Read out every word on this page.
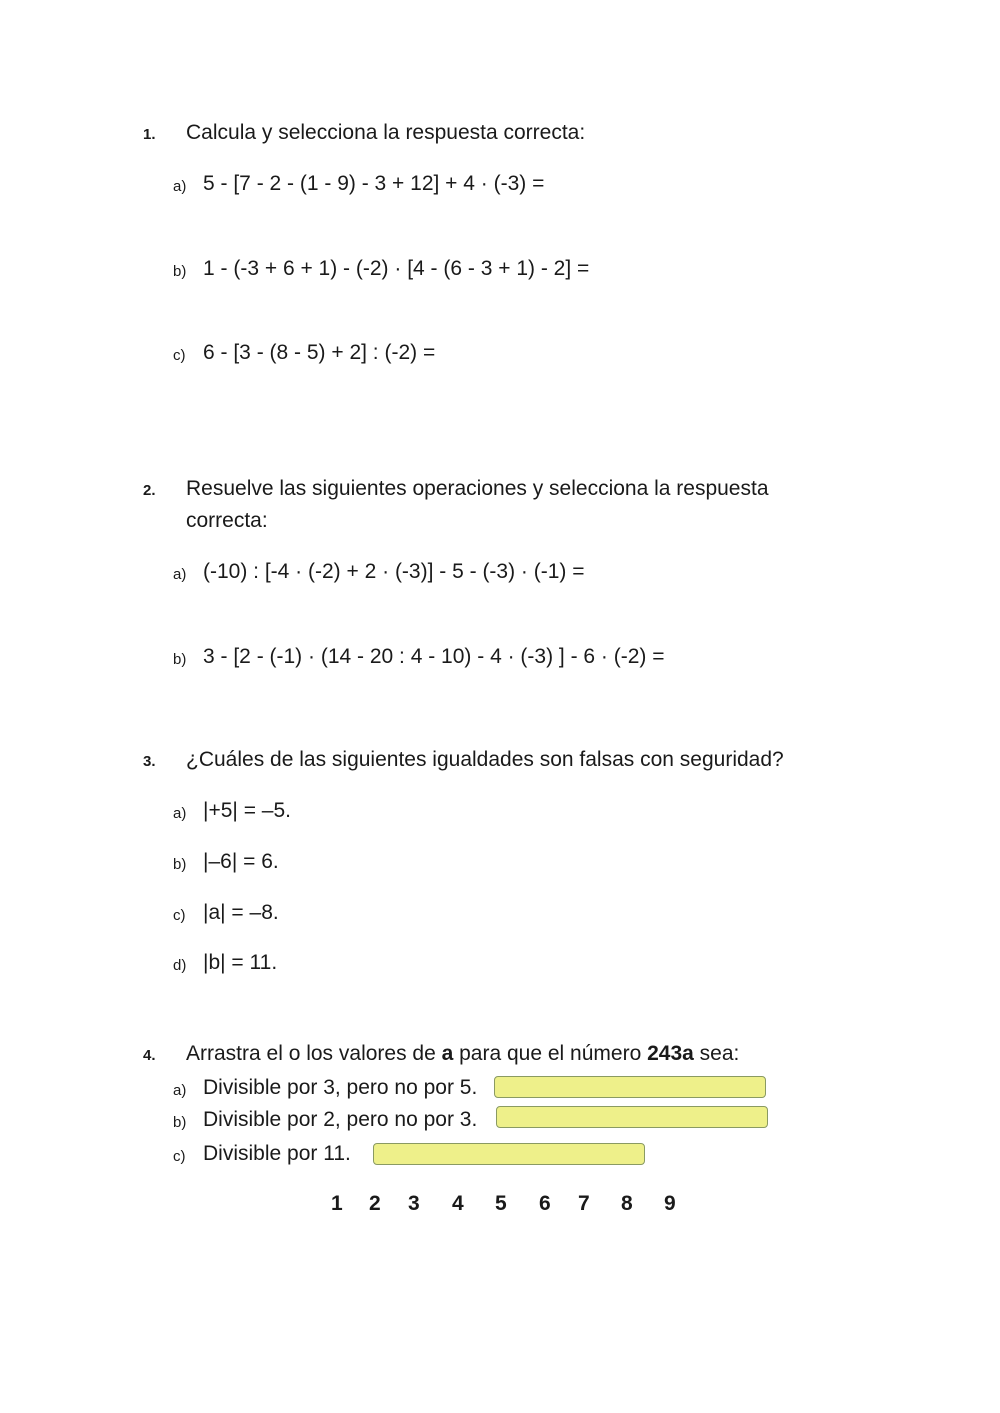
1. Calcula y selecciona la respuesta correcta:
a) 5 - [7 - 2 - (1 - 9) - 3 + 12] + 4 · (-3) =
b) 1 - (-3 + 6 + 1) - (-2) · [4 - (6 - 3 + 1) - 2] =
c) 6 - [3 - (8 - 5) + 2] : (-2) =
2. Resuelve las siguientes operaciones y selecciona la respuesta
correcta:
a) (-10) : [-4 · (-2) + 2 · (-3)] - 5 - (-3) · (-1) =
b) 3 - [2 - (-1) · (14 - 20 : 4 - 10) - 4 · (-3) ] - 6 · (-2) =
3. ¿Cuáles de las siguientes igualdades son falsas con seguridad?
a) |+5| = –5.
b) |–6| = 6.
c) |a| = –8.
d) |b| = 11.
4. Arrastra el o los valores de a para que el número 243a sea:
a) Divisible por 3, pero no por 5.
b) Divisible por 2, pero no por 3.
c) Divisible por 11.
1 2 3 4 5 6 7 8 9
